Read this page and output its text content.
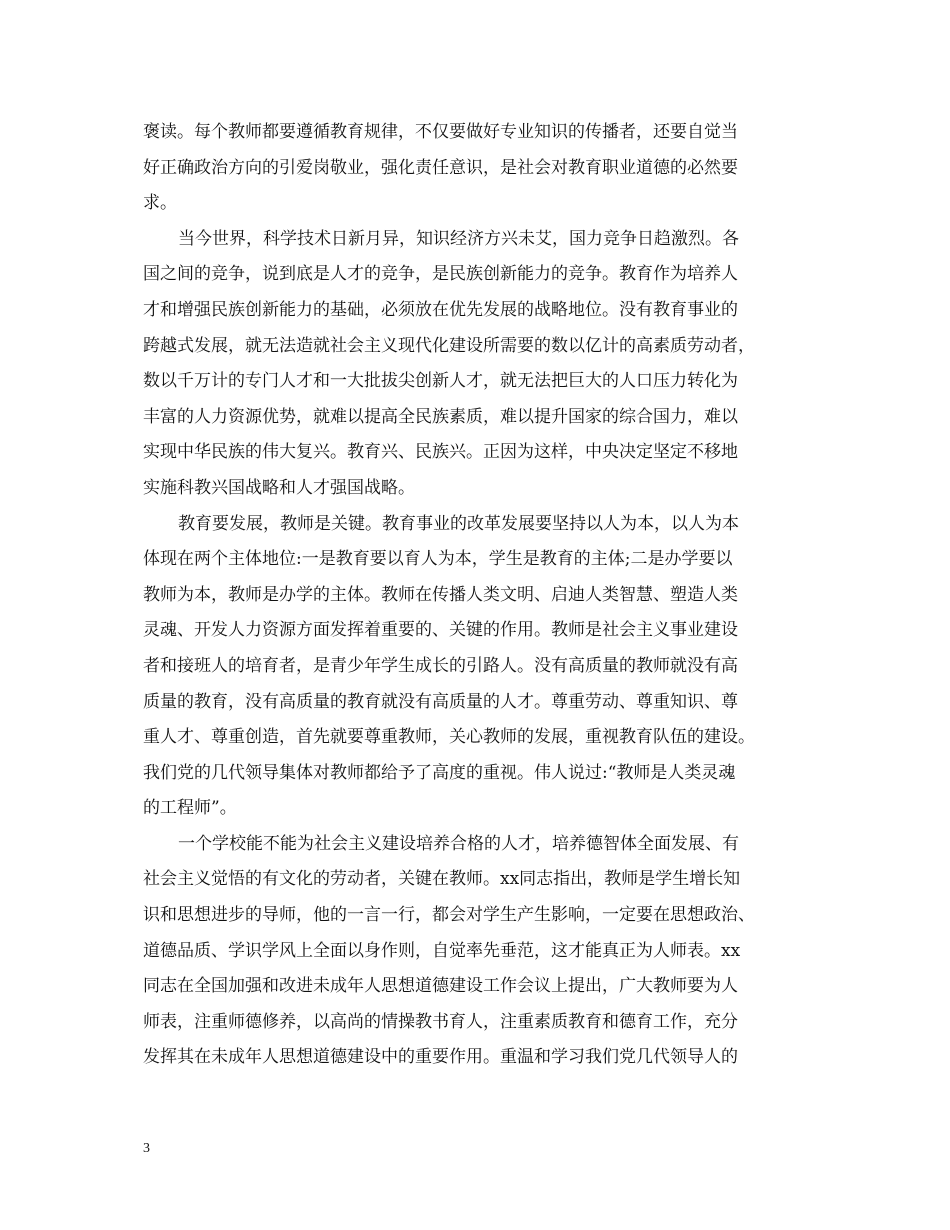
褒读。每个教师都要遵循教育规律，不仅要做好专业知识的传播者，还要自觉当
好正确政治方向的引爱岗敬业，强化责任意识，是社会对教育职业道德的必然要
求。
当今世界，科学技术日新月异，知识经济方兴未艾，国力竞争日趋激烈。各
国之间的竞争，说到底是人才的竞争，是民族创新能力的竞争。教育作为培养人
才和增强民族创新能力的基础，必须放在优先发展的战略地位。没有教育事业的
跨越式发展，就无法造就社会主义现代化建设所需要的数以亿计的高素质劳动者，
数以千万计的专门人才和一大批拔尖创新人才，就无法把巨大的人口压力转化为
丰富的人力资源优势，就难以提高全民族素质，难以提升国家的综合国力，难以
实现中华民族的伟大复兴。教育兴、民族兴。正因为这样，中央决定坚定不移地
实施科教兴国战略和人才强国战略。
教育要发展，教师是关键。教育事业的改革发展要坚持以人为本，以人为本
体现在两个主体地位:一是教育要以育人为本，学生是教育的主体;二是办学要以
教师为本，教师是办学的主体。教师在传播人类文明、启迪人类智慧、塑造人类
灵魂、开发人力资源方面发挥着重要的、关键的作用。教师是社会主义事业建设
者和接班人的培育者，是青少年学生成长的引路人。没有高质量的教师就没有高
质量的教育，没有高质量的教育就没有高质量的人才。尊重劳动、尊重知识、尊
重人才、尊重创造，首先就要尊重教师，关心教师的发展，重视教育队伍的建设。
我们党的几代领导集体对教师都给予了高度的重视。伟人说过:“教师是人类灵魂
的工程师”。
一个学校能不能为社会主义建设培养合格的人才，培养德智体全面发展、有
社会主义觉悟的有文化的劳动者，关键在教师。xx同志指出，教师是学生增长知
识和思想进步的导师，他的一言一行，都会对学生产生影响，一定要在思想政治、
道德品质、学识学风上全面以身作则，自觉率先垂范，这才能真正为人师表。xx
同志在全国加强和改进未成年人思想道德建设工作会议上提出，广大教师要为人
师表，注重师德修养，以高尚的情操教书育人，注重素质教育和德育工作，充分
发挥其在未成年人思想道德建设中的重要作用。重温和学习我们党几代领导人的
3
